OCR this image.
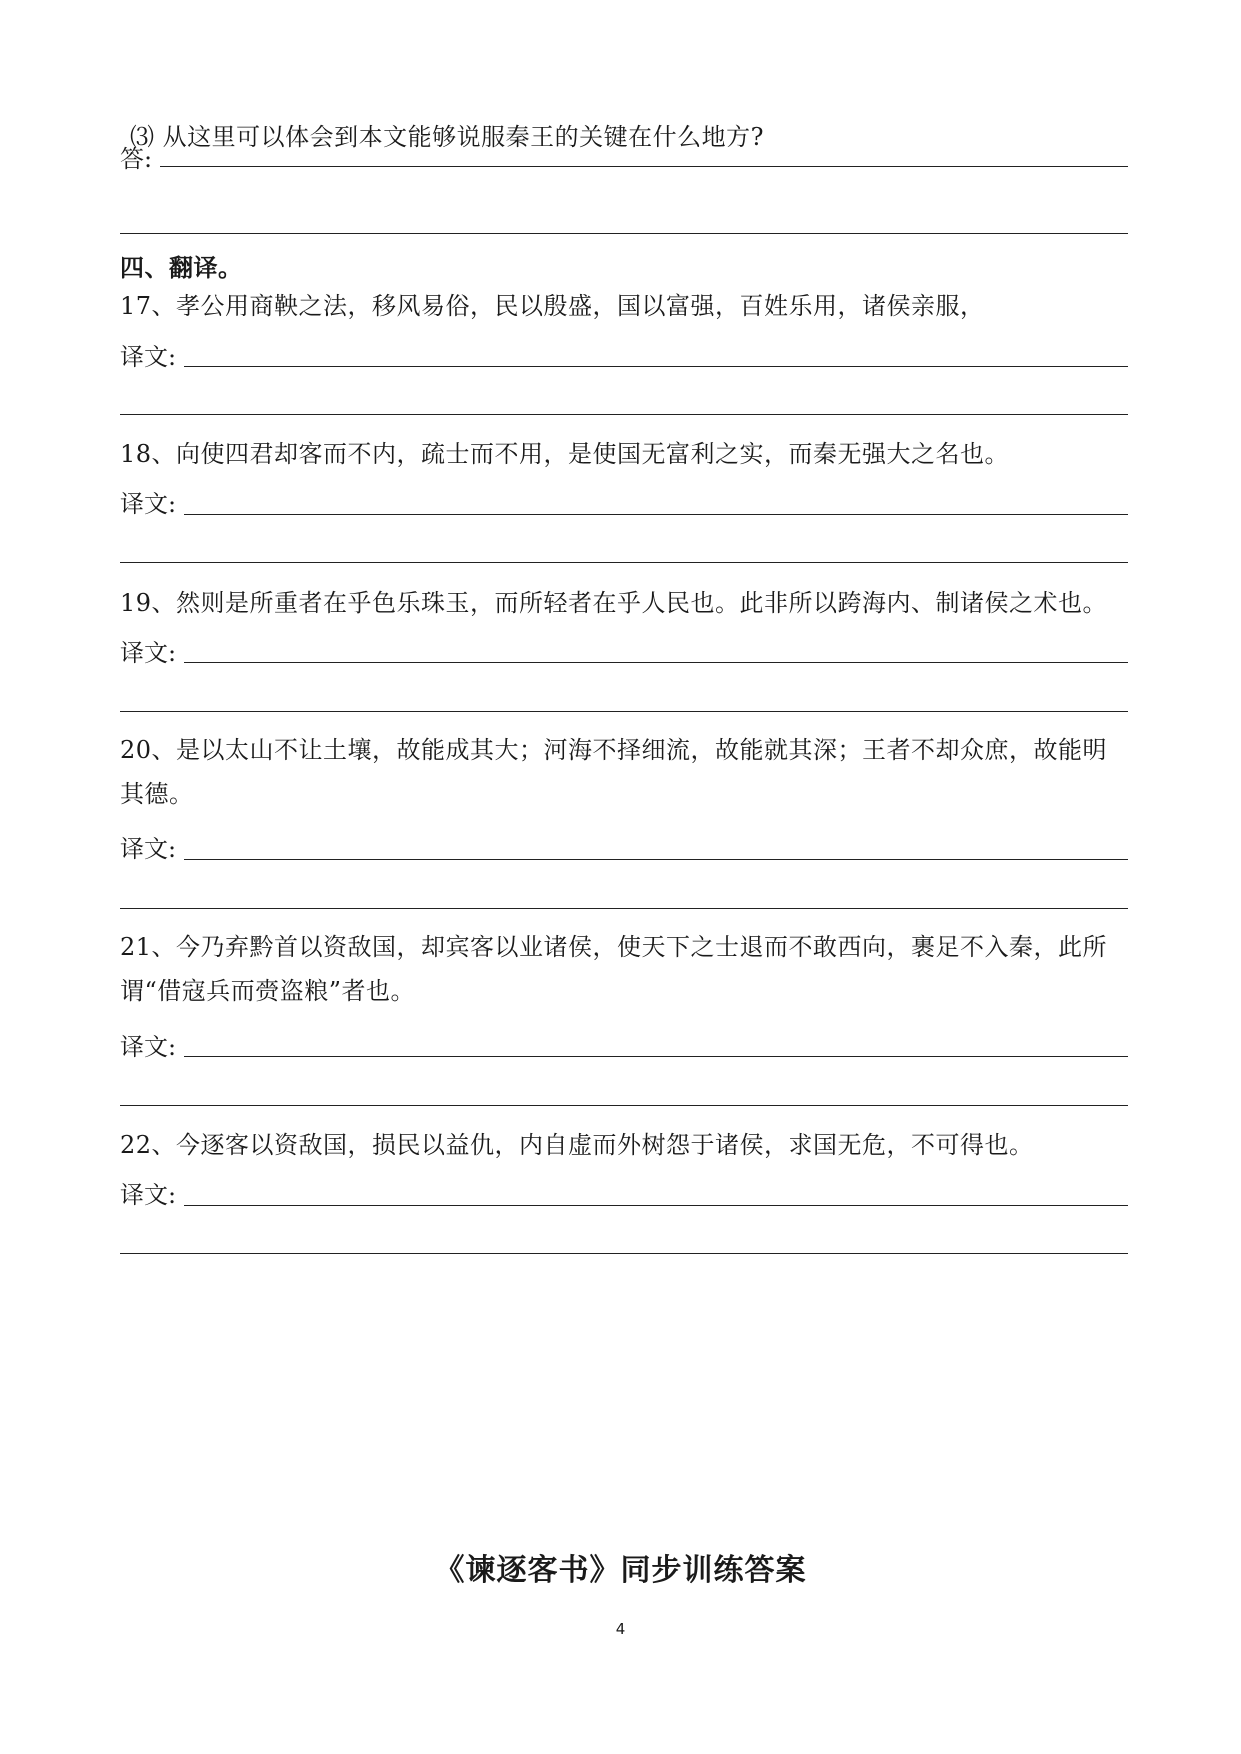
⑶ 从这里可以体会到本文能够说服秦王的关键在什么地方?
答:
四、翻译。
17、孝公用商鞅之法，移风易俗，民以殷盛，国以富强，百姓乐用，诸侯亲服，
译文:
18、向使四君却客而不内，疏士而不用，是使国无富利之实，而秦无强大之名也。
译文:
19、然则是所重者在乎色乐珠玉，而所轻者在乎人民也。此非所以跨海内、制诸侯之术也。
译文:
20、是以太山不让土壤，故能成其大；河海不择细流，故能就其深；王者不却众庶，故能明其德。
译文:
21、今乃弃黔首以资敌国，却宾客以业诸侯，使天下之士退而不敢西向，裹足不入秦，此所谓“借寇兵而赍盗粮”者也。
译文:
22、今逐客以资敌国，损民以益仇，内自虚而外树怨于诸侯，求国无危，不可得也。
译文:
《谏逐客书》同步训练答案
4
